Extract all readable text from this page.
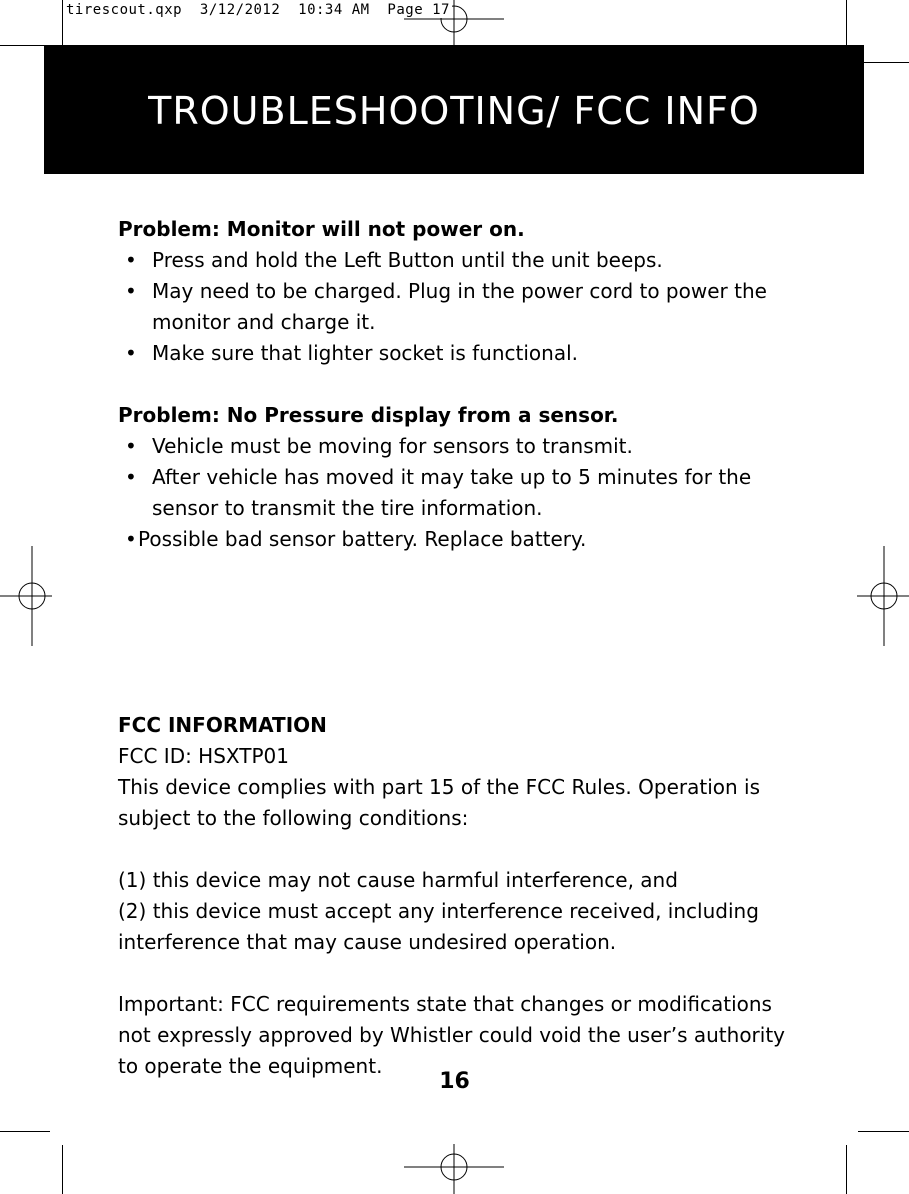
tirescout.qxp  3/12/2012  10:34 AM  Page 17
TROUBLESHOOTING/ FCC INFO

Problem: Monitor will not power on.

• Press and hold the Left Button until the unit beeps.
• May need to be charged. Plug in the power cord to power the monitor and charge it.
• Make sure that lighter socket is functional.

Problem: No Pressure display from a sensor.

• Vehicle must be moving for sensors to transmit.
• After vehicle has moved it may take up to 5 minutes for the sensor to transmit the tire information.
• Possible bad sensor battery. Replace battery.

FCC INFORMATION

FCC ID: HSXTP01

This device complies with part 15 of the FCC Rules. Operation is subject to the following conditions:

(1) this device may not cause harmful interference, and

(2) this device must accept any interference received, including interference that may cause undesired operation.

Important: FCC requirements state that changes or modifications not expressly approved by Whistler could void the user’s authority to operate the equipment.

16
